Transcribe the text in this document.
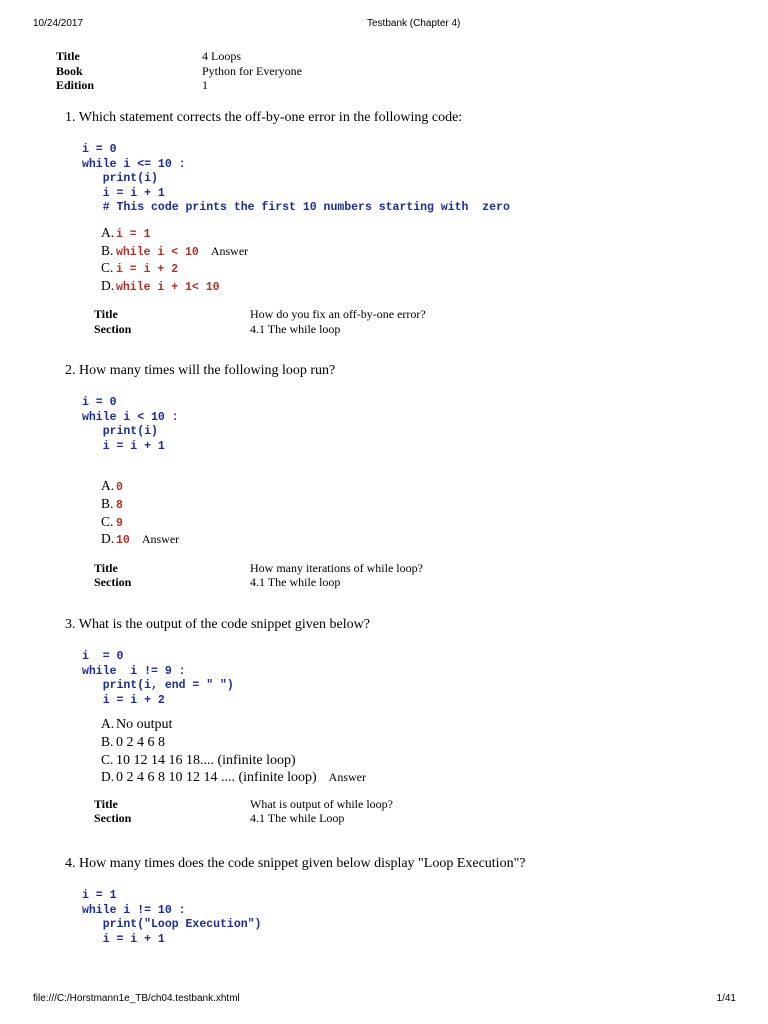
10/24/2017	Testbank (Chapter 4)
Title	4 Loops
Book	Python for Everyone
Edition	1
1. Which statement corrects the off-by-one error in the following code:
i = 0
while i <= 10 :
print(i)
i = i + 1
# This code prints the first 10 numbers starting with  zero
A. i = 1
B. while i < 10 Answer
C. i = i + 2
D. while i + 1< 10
Title	How do you fix an off-by-one error?
Section	4.1 The while loop
2. How many times will the following loop run?
i = 0
while i < 10 :
print(i)
i = i + 1
A. 0
B. 8
C. 9
D. 10 Answer
Title	How many iterations of while loop?
Section	4.1 The while loop
3. What is the output of the code snippet given below?
i  = 0
while  i != 9 :
print(i, end = " ")
i = i + 2
A. No output
B. 0 2 4 6 8
C. 10 12 14 16 18.... (infinite loop)
D. 0 2 4 6 8 10 12 14 .... (infinite loop) Answer
Title	What is output of while loop?
Section	4.1 The while Loop
4. How many times does the code snippet given below display "Loop Execution"?
i = 1
while i != 10 :
print("Loop Execution")
i = i + 1
file:///C:/Horstmann1e_TB/ch04.testbank.xhtml	1/41
